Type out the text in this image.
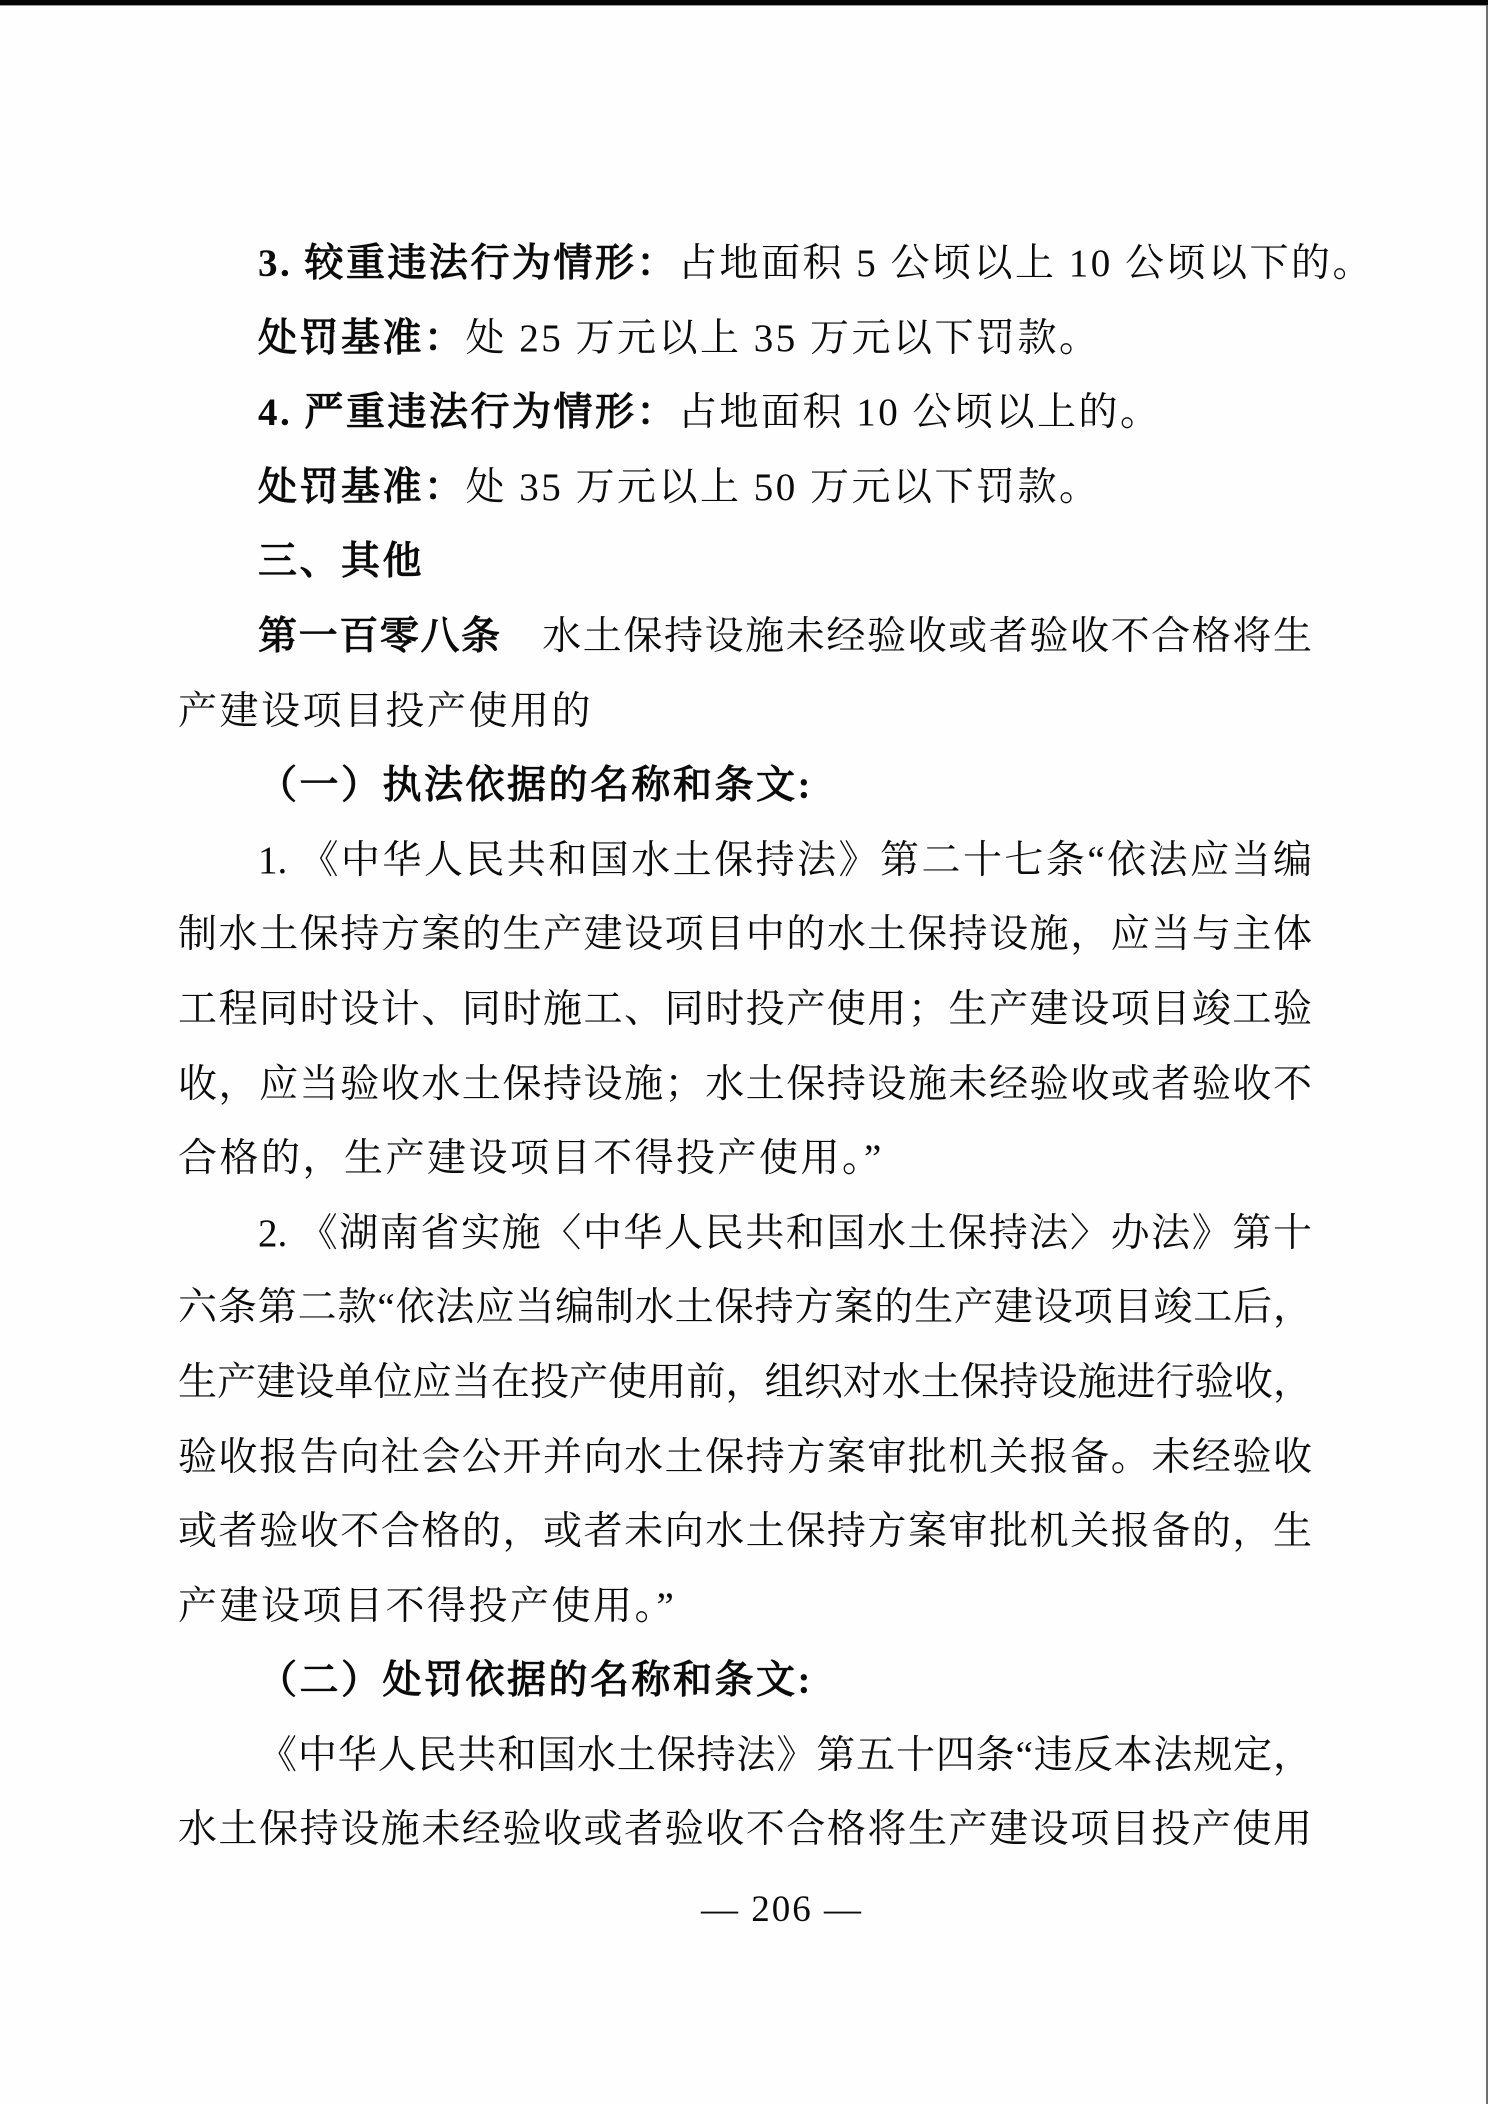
3. 较重违法行为情形：占地面积 5 公顷以上 10 公顷以下的。
处罚基准：处 25 万元以上 35 万元以下罚款。
4. 严重违法行为情形：占地面积 10 公顷以上的。
处罚基准：处 35 万元以上 50 万元以下罚款。
三、其他
第一百零八条　水土保持设施未经验收或者验收不合格将生
产建设项目投产使用的
（一）执法依据的名称和条文:
1. 《中华人民共和国水土保持法》第二十七条“依法应当编
制水土保持方案的生产建设项目中的水土保持设施，应当与主体
工程同时设计、同时施工、同时投产使用；生产建设项目竣工验
收，应当验收水土保持设施；水土保持设施未经验收或者验收不
合格的，生产建设项目不得投产使用。”
2. 《湖南省实施〈中华人民共和国水土保持法〉办法》第十
六条第二款“依法应当编制水土保持方案的生产建设项目竣工后，
生产建设单位应当在投产使用前，组织对水土保持设施进行验收，
验收报告向社会公开并向水土保持方案审批机关报备。未经验收
或者验收不合格的，或者未向水土保持方案审批机关报备的，生
产建设项目不得投产使用。”
（二）处罚依据的名称和条文:
《中华人民共和国水土保持法》第五十四条“违反本法规定，
水土保持设施未经验收或者验收不合格将生产建设项目投产使用
— 206 —
